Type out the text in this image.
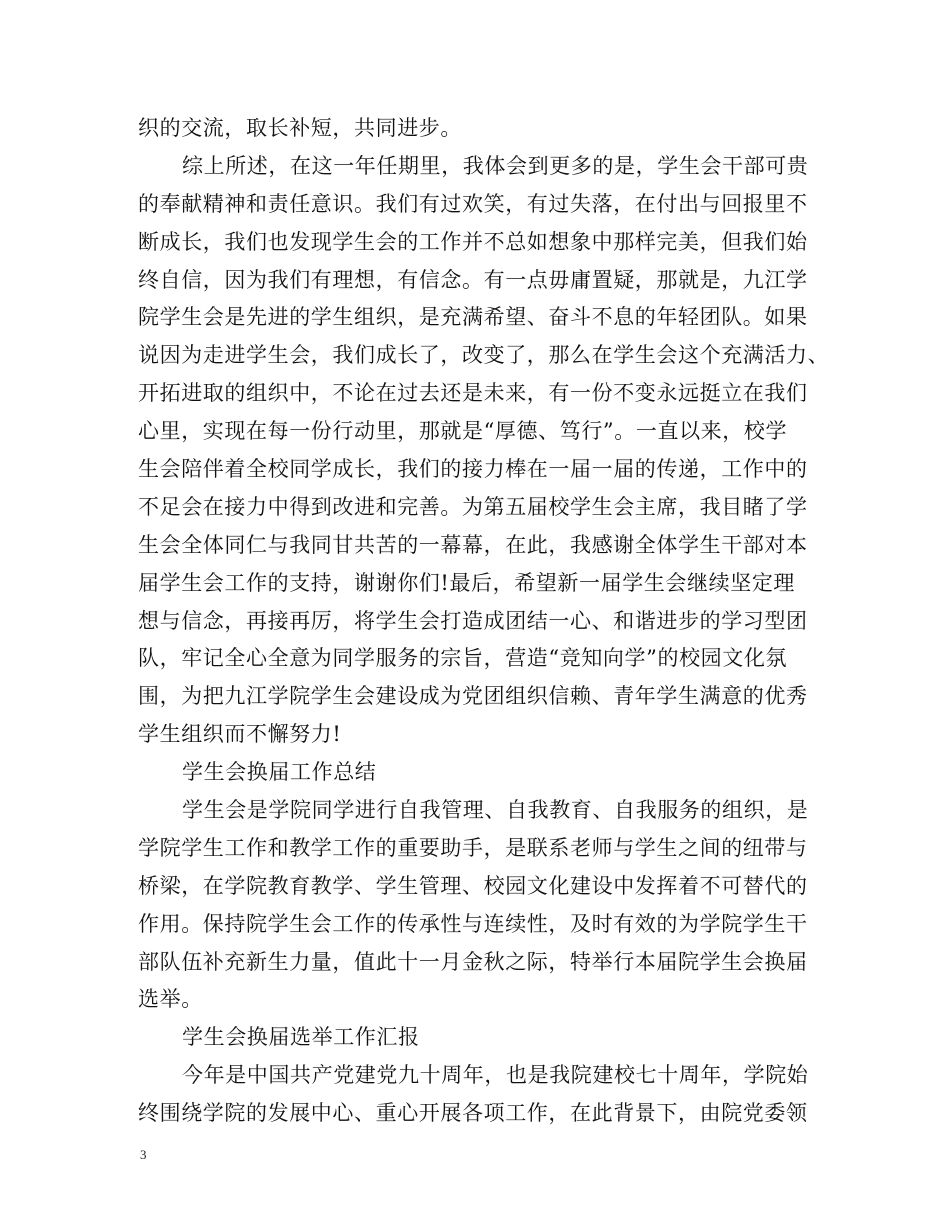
织的交流，取长补短，共同进步。
综上所述，在这一年任期里，我体会到更多的是，学生会干部可贵
的奉献精神和责任意识。我们有过欢笑，有过失落，在付出与回报里不
断成长，我们也发现学生会的工作并不总如想象中那样完美，但我们始
终自信，因为我们有理想，有信念。有一点毋庸置疑，那就是，九江学
院学生会是先进的学生组织，是充满希望、奋斗不息的年轻团队。如果
说因为走进学生会，我们成长了，改变了，那么在学生会这个充满活力、
开拓进取的组织中，不论在过去还是未来，有一份不变永远挺立在我们
心里，实现在每一份行动里，那就是“厚德、笃行”。一直以来，校学
生会陪伴着全校同学成长，我们的接力棒在一届一届的传递，工作中的
不足会在接力中得到改进和完善。为第五届校学生会主席，我目睹了学
生会全体同仁与我同甘共苦的一幕幕，在此，我感谢全体学生干部对本
届学生会工作的支持，谢谢你们!最后，希望新一届学生会继续坚定理
想与信念，再接再厉，将学生会打造成团结一心、和谐进步的学习型团
队，牢记全心全意为同学服务的宗旨，营造“竞知向学”的校园文化氛
围，为把九江学院学生会建设成为党团组织信赖、青年学生满意的优秀
学生组织而不懈努力!
学生会换届工作总结
学生会是学院同学进行自我管理、自我教育、自我服务的组织，是
学院学生工作和教学工作的重要助手，是联系老师与学生之间的纽带与
桥梁，在学院教育教学、学生管理、校园文化建设中发挥着不可替代的
作用。保持院学生会工作的传承性与连续性，及时有效的为学院学生干
部队伍补充新生力量，值此十一月金秋之际，特举行本届院学生会换届
选举。
学生会换届选举工作汇报
今年是中国共产党建党九十周年，也是我院建校七十周年，学院始
终围绕学院的发展中心、重心开展各项工作，在此背景下，由院党委领
3
